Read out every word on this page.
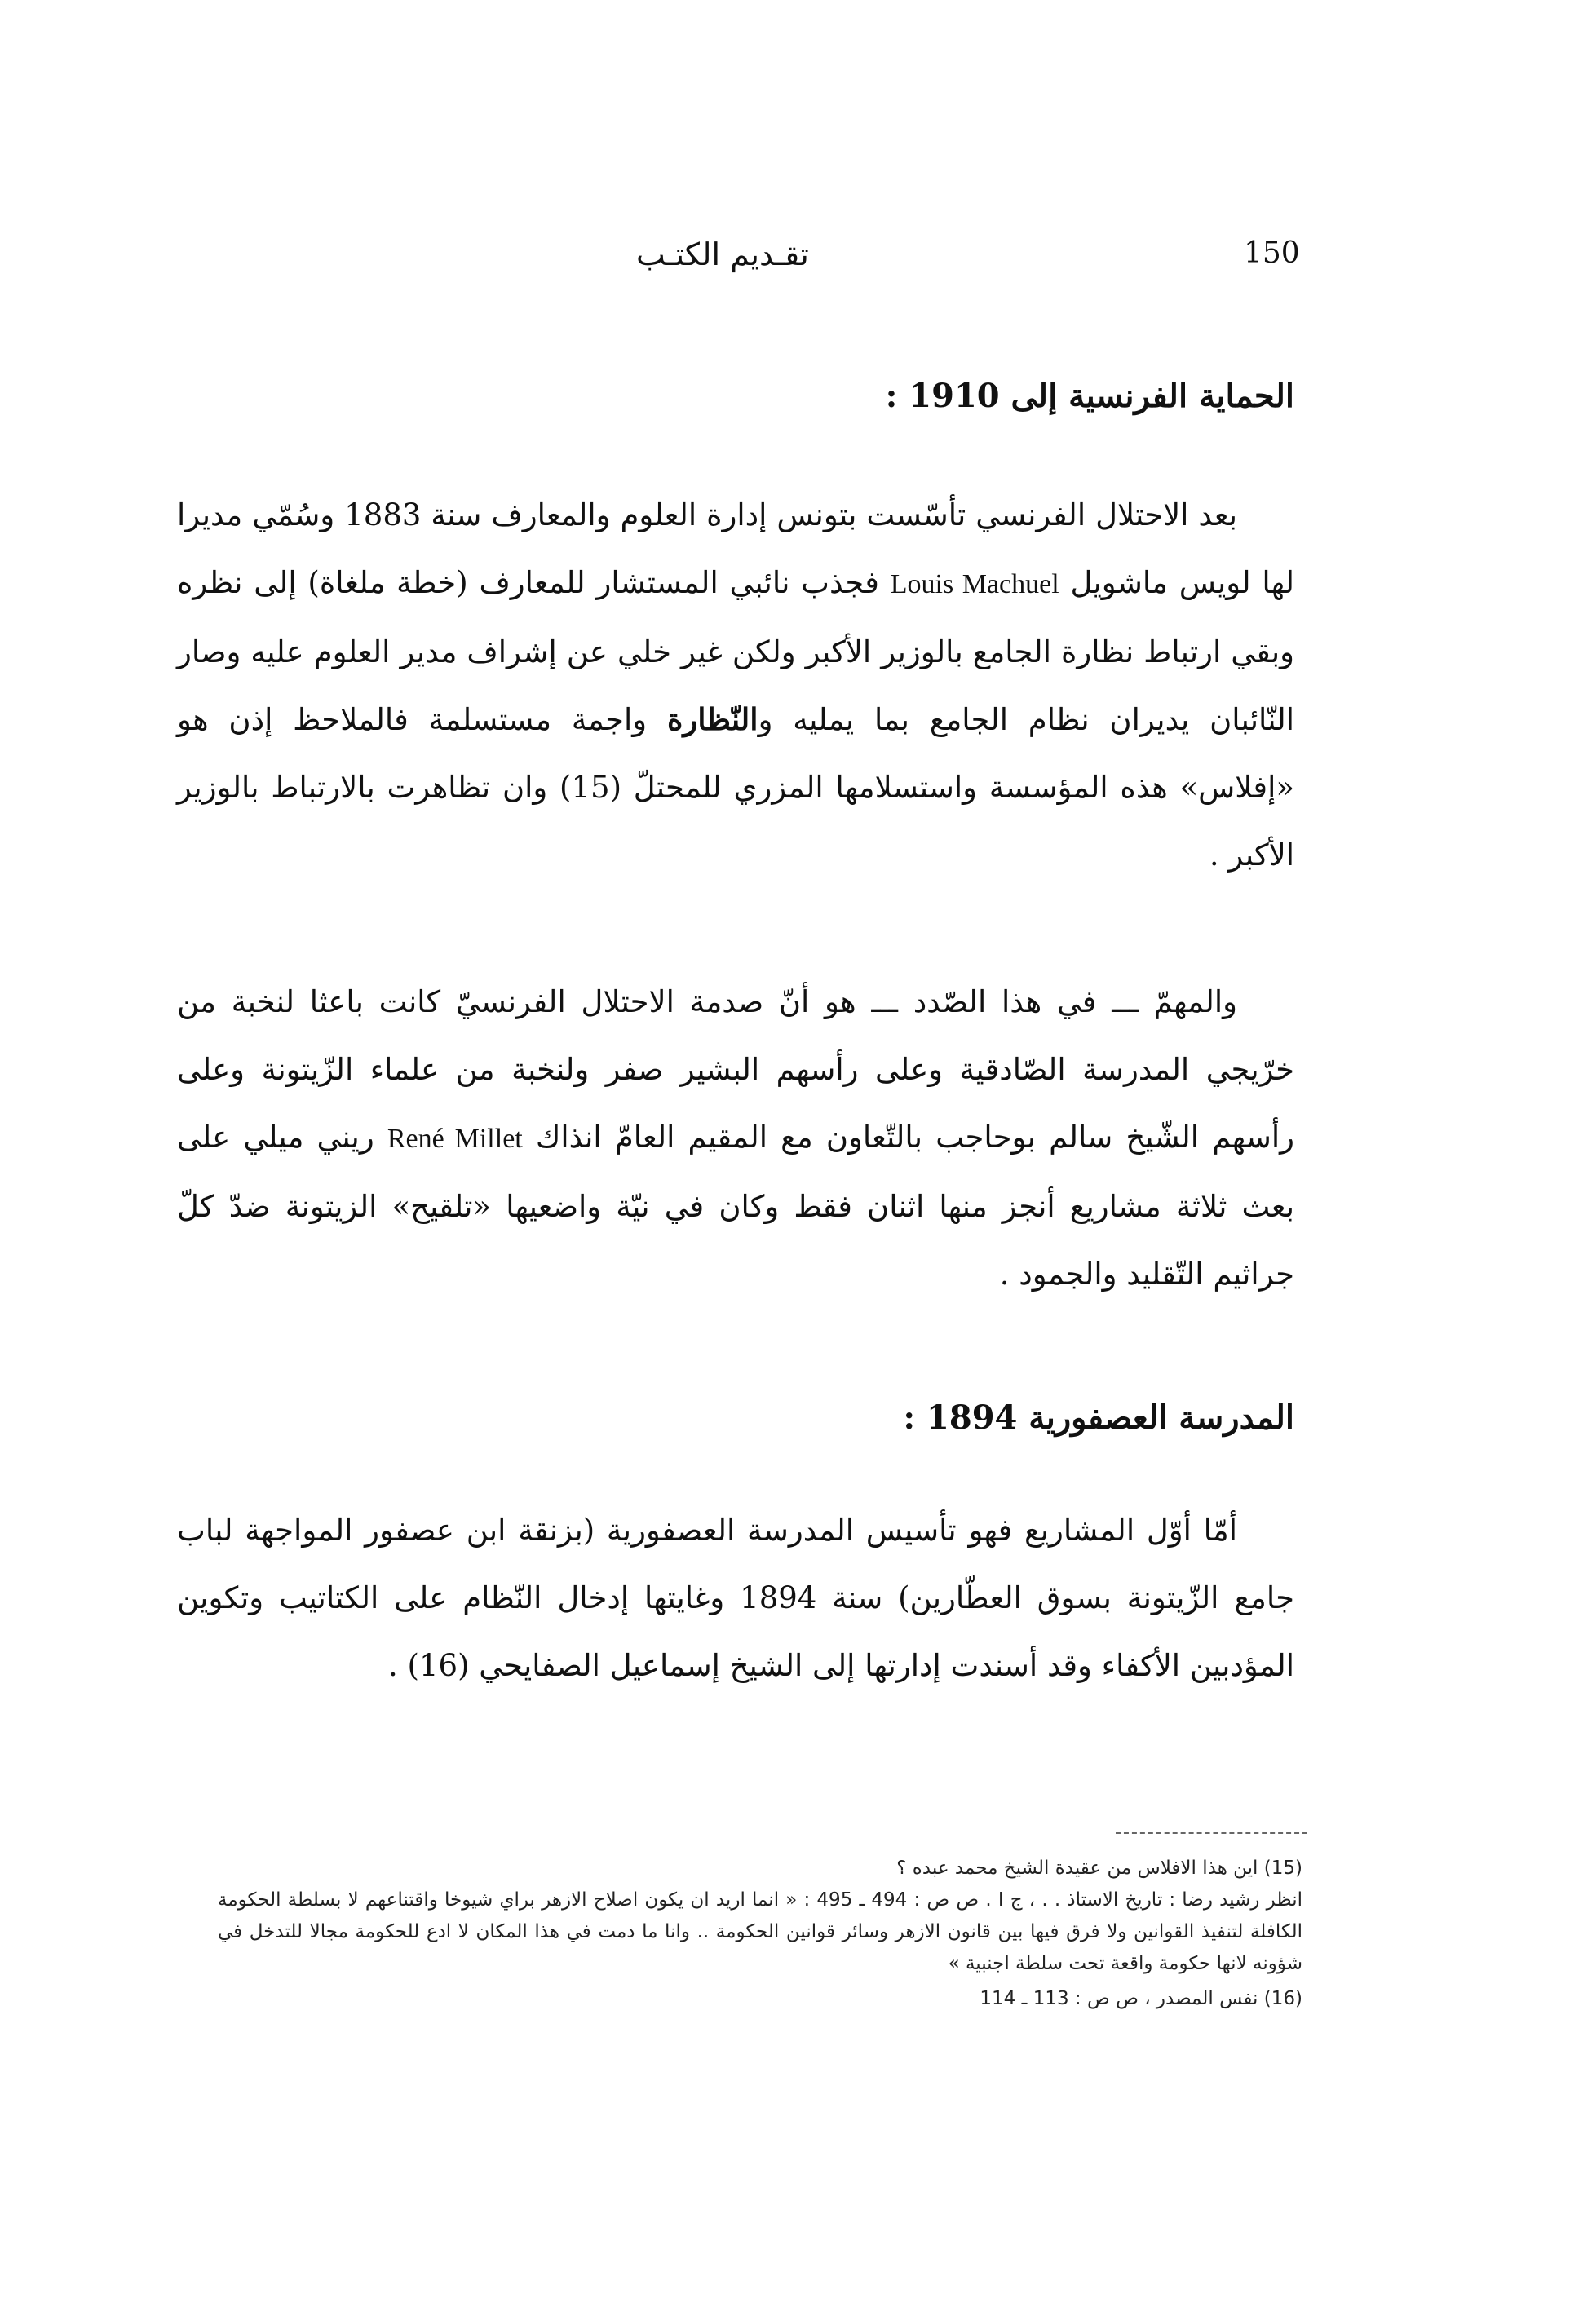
150
تقـديم الكتـب
الحماية الفرنسية إلى 1910 :

بعد الاحتلال الفرنسي تأسّست بتونس إدارة العلوم والمعارف سنة 1883 وسُمّي مديرا لها لويس ماشويل Louis Machuel فجذب نائبي المستشار للمعارف (خطة ملغاة) إلى نظره وبقي ارتباط نظارة الجامع بالوزير الأكبر ولكن غير خلي عن إشراف مدير العلوم عليه وصار النّائبان يديران نظام الجامع بما يمليه والنّظارة واجمة مستسلمة فالملاحظ إذن هو «إفلاس» هذه المؤسسة واستسلامها المزري للمحتلّ (15) وان تظاهرت بالارتباط بالوزير الأكبر .

والمهمّ ـــ في هذا الصّدد ـــ هو أنّ صدمة الاحتلال الفرنسيّ كانت باعثا لنخبة من خرّيجي المدرسة الصّادقية وعلى رأسهم البشير صفر ولنخبة من علماء الزّيتونة وعلى رأسهم الشّيخ سالم بوحاجب بالتّعاون مع المقيم العامّ انذاك René Millet ريني ميلي على بعث ثلاثة مشاريع أنجز منها اثنان فقط وكان في نيّة واضعيها «تلقيح» الزيتونة ضدّ كلّ جراثيم التّقليد والجمود .

المدرسة العصفورية 1894 :

أمّا أوّل المشاريع فهو تأسيس المدرسة العصفورية (بزنقة ابن عصفور المواجهة لباب جامع الزّيتونة بسوق العطّارين) سنة 1894 وغايتها إدخال النّظام على الكتاتيب وتكوين المؤدبين الأكفاء وقد أسندت إدارتها إلى الشيخ إسماعيل الصفايحي (16) .

(15) اين هذا الافلاس من عقيدة الشيخ محمد عبده ؟
انظر رشيد رضا : تاريخ الاستاذ . . ، ج I . ص ص : 494 ـ 495 : « انما اريد ان يكون اصلاح الازهر براي شيوخا واقتناعهم لا بسلطة الحكومة الكافلة لتنفيذ القوانين ولا فرق فيها بين قانون الازهر وسائر قوانين الحكومة .. وانا ما دمت في هذا المكان لا ادع للحكومة مجالا للتدخل في شؤونه لانها حكومة واقعة تحت سلطة اجنبية »
(16) نفس المصدر ، ص ص : 113 ـ 114
